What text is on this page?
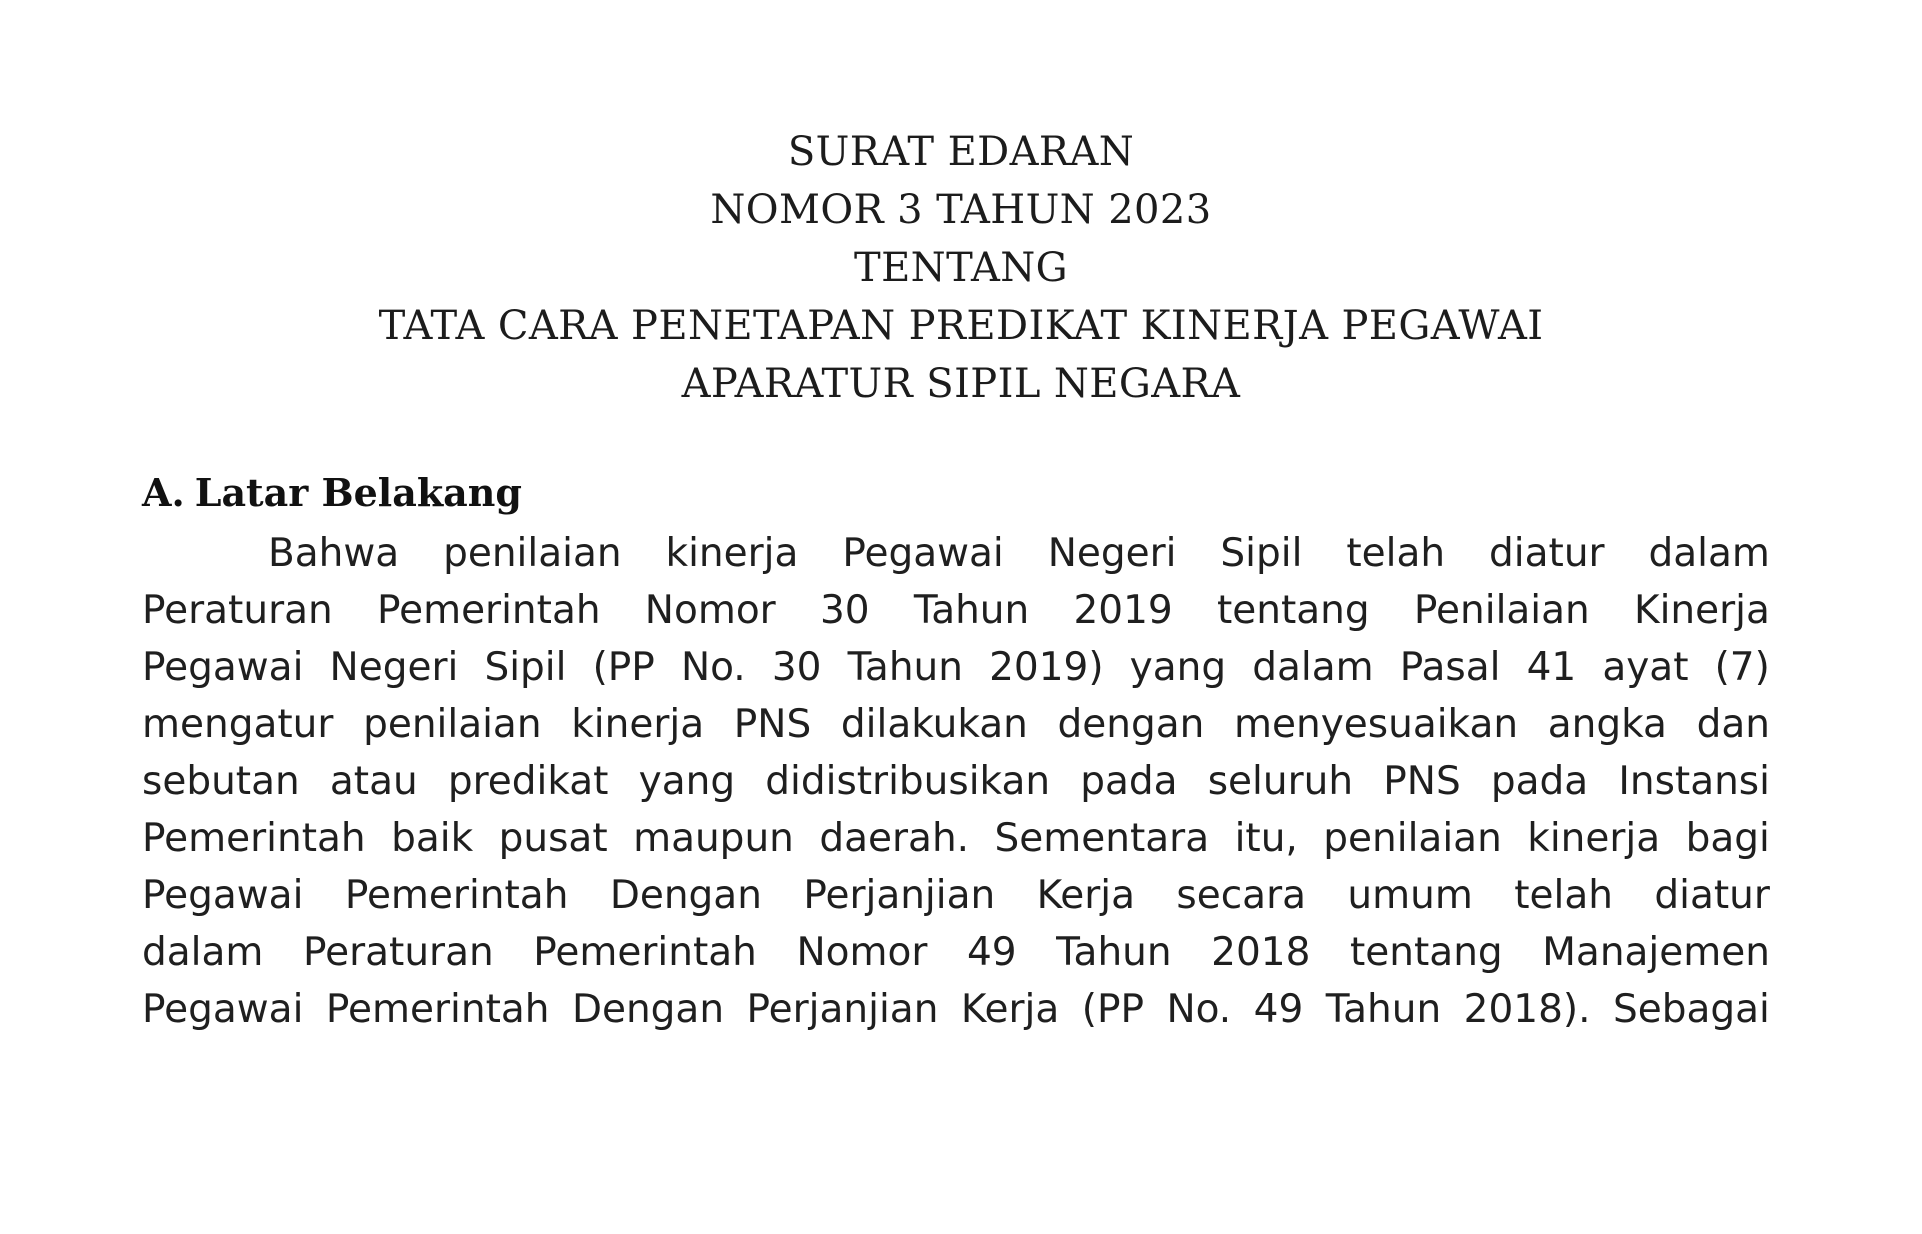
SURAT EDARAN
NOMOR 3 TAHUN 2023
TENTANG
TATA CARA PENETAPAN PREDIKAT KINERJA PEGAWAI
APARATUR SIPIL NEGARA
A. Latar Belakang
Bahwa penilaian kinerja Pegawai Negeri Sipil telah diatur dalam
Peraturan Pemerintah Nomor 30 Tahun 2019 tentang Penilaian Kinerja
Pegawai Negeri Sipil (PP No. 30 Tahun 2019) yang dalam Pasal 41 ayat (7)
mengatur penilaian kinerja PNS dilakukan dengan menyesuaikan angka dan
sebutan atau predikat yang didistribusikan pada seluruh PNS pada Instansi
Pemerintah baik pusat maupun daerah. Sementara itu, penilaian kinerja bagi
Pegawai Pemerintah Dengan Perjanjian Kerja secara umum telah diatur
dalam Peraturan Pemerintah Nomor 49 Tahun 2018 tentang Manajemen
Pegawai Pemerintah Dengan Perjanjian Kerja (PP No. 49 Tahun 2018). Sebagai
